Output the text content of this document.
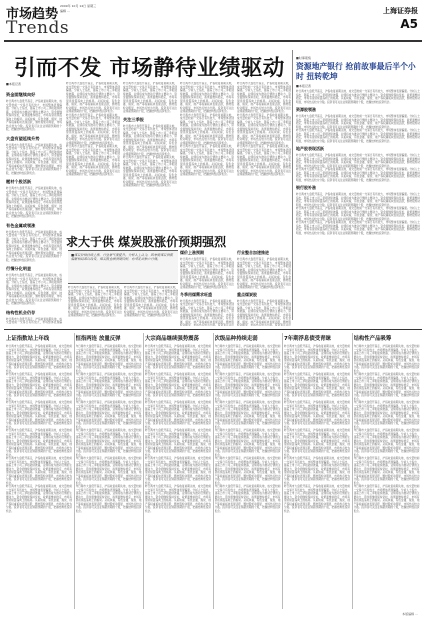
市场趋势
Trends
2009年 10月 14日 星期三
编辑 ...	上海证券报
A5
引而不发 市场静待业绩驱动
■本报记者
资金面继续向好
昨日两市大盘低开高走，沪指收复前期失地，成交量较前一交易日有所放大，市场整体表现偏强。分析人士指出，随着上市公司三季报陆续披露，业绩将成为推动行情的主要动力，资金面继续保持宽松，政策面维持稳定，市场有望延续震荡向上的格局。从板块看，有色金属、煤炭、地产等权重板块表现活跃，题材股轮动明显，市场热点较为分散。投资者可关注业绩超预期的个股，把握结构性投资机会。
大盘有望延续升势
昨日两市大盘低开高走，沪指收复前期失地，成交量较前一交易日有所放大，市场整体表现偏强。分析人士指出，随着上市公司三季报陆续披露，业绩将成为推动行情的主要动力，资金面继续保持宽松，政策面维持稳定，市场有望延续震荡向上的格局。从板块看，有色金属、煤炭、地产等权重板块表现活跃，题材股轮动明显，市场热点较为分散。投资者可关注业绩超预期的个股，把握结构性投资机会。
题材个股活跃
昨日两市大盘低开高走，沪指收复前期失地，成交量较前一交易日有所放大，市场整体表现偏强。分析人士指出，随着上市公司三季报陆续披露，业绩将成为推动行情的主要动力，资金面继续保持宽松，政策面维持稳定，市场有望延续震荡向上的格局。从板块看，有色金属、煤炭、地产等权重板块表现活跃，题材股轮动明显，市场热点较为分散。投资者可关注业绩超预期的个股，把握结构性投资机会。
有色金属或领涨
昨日两市大盘低开高走，沪指收复前期失地，成交量较前一交易日有所放大，市场整体表现偏强。分析人士指出，随着上市公司三季报陆续披露，业绩将成为推动行情的主要动力，资金面继续保持宽松，政策面维持稳定，市场有望延续震荡向上的格局。从板块看，有色金属、煤炭、地产等权重板块表现活跃，题材股轮动明显，市场热点较为分散。投资者可关注业绩超预期的个股，把握结构性投资机会。
行情分化明显
昨日两市大盘低开高走，沪指收复前期失地，成交量较前一交易日有所放大，市场整体表现偏强。分析人士指出，随着上市公司三季报陆续披露，业绩将成为推动行情的主要动力，资金面继续保持宽松，政策面维持稳定，市场有望延续震荡向上的格局。从板块看，有色金属、煤炭、地产等权重板块表现活跃，题材股轮动明显，市场热点较为分散。投资者可关注业绩超预期的个股，把握结构性投资机会。
结构性机会仍存
昨日两市大盘低开高走，沪指收复前期失地，成交量较前一交易日有所放大，市场整体表现偏
昨日两市大盘低开高走，沪指收复前期失地，成交量较前一交易日有所放大，市场整体表现偏强。分析人士指出，随着上市公司三季报陆续披露，业绩将成为推动行情的主要动力，资金面继续保持宽松，政策面维持稳定，市场有望延续震荡向上的格局。从板块看，有色金属、煤炭、地产等权重板块表现活跃，题材股轮动明显，市场热点较为分散。投资者可关注业绩超预期的个股，把握结构性投资机会。
昨日两市大盘低开高走，沪指收复前期失地，成交量较前一交易日有所放大，市场整体表现偏强。分析人士指出，随着上市公司三季报陆续披露，业绩将成为推动行情的主要动力，资金面继续保持宽松，政策面维持稳定，市场有望延续震荡向上的格局。从板块看，有色金属、煤炭、地产等权重板块表现活跃，题材股轮动明显，市场热点较为分散。投资者可关注业绩超预期的个股，把握结构性投资机会。
昨日两市大盘低开高走，沪指收复前期失地，成交量较前一交易日有所放大，市场整体表现偏强。分析人士指出，随着上市公司三季报陆续披露，业绩将成为推动行情的主要动力，资金面继续保持宽松，政策面维持稳定，市场有望延续震荡向上的格局。从板块看，有色金属、煤炭、地产等权重板块表现活跃，题材股轮动明显，市场热点较为分散。投资者可关注业绩超预期的个股，把握结构性投资机会。
昨日两市大盘低开高走，沪指收复前期失地，成交量较前一交易日有所放大，市场整体表现偏强。分析人士指出，随着上市公司三季报陆续披露，业绩将成为推动行情的主要动力，资金面继续保持宽松，政策面维持稳定，市场有望延续震荡向上的格局。从板块看，有色金属、煤炭、地产等权重板块表现活跃，题材股轮动明显，市场热点较为分散。投资者可关注业绩超预期的个股，把握结构性投资机会。
关注三季报
昨日两市大盘低开高走，沪指收复前期失地，成交量较前一交易日有所放大，市场整体表现偏强。分析人士指出，随着上市公司三季报陆续披露，业绩将成为推动行情的主要动力，资金面继续保持宽松，政策面维持稳定，市场有望延续震荡向上的格局。从板块看，有色金属、煤炭、地产等权重板块表现活跃，题材股轮动明显，市场热点较为分散。投资者可关注业绩超预期的个股，把握结构性投资机会。
昨日两市大盘低开高走，沪指收复前期失地，成交量较前一交易日有所放大，市场整体表现偏强。分析人士指出，随着上市公司三季报陆续披露，业绩将成为推动行情的主要动力，资金面继续保持宽松，政策面维持稳定，市场有望延续震荡向上的格局。从板块看，有色金属、煤炭、地产等权重板块表现活跃，题材股轮动明显，市场热点较为分散。投资者可关注业绩超预期的个股，把握结构性投资机会。
昨日两市大盘低开高走，沪指收复前期失地，成交量较前一交易日有所放大，市场整体表现偏强。分析人士指出，随着上市公司三季报陆续披露，业绩将成为推动行情的主要动力，资金面继续保持宽松，政策面维持稳定，市场有望延续震荡向上的格局。从板块看，有色金属、煤炭、地产等权重板块表现活跃，题材股轮动明显，市场热点较为分散。投资者可关注业绩超预期的个股，把握结构性投资机会。
昨日两市大盘低开高走，沪指收复前期失地，成交量较前一交易日有所放大，市场整体表现偏强。分析人士指出，随着上市公司三季报陆续披露，业绩将成为推动行情的主要动力，资金面继续保持宽松，政策面维持稳定，市场有望延续震荡向上的格局。从板块看，有色金属、煤炭、地产等权重板块表现活跃，题材股轮动明显，市场热点较为分散。投资者可关注业绩超预期的个股，把握结构性投资机会。
昨日两市大盘低开高走，沪指收复前期失地，成交量较前一交易日有所放大，市场整体表现偏强。分析人士指出，随着上市公司三季报陆续披露，业绩将成为推动行情的主要动力，资金面继续保持宽松，政策面维持稳定，市场有望延续震荡向上的格局。从板块看，有色金属、煤炭、地产等权重板块表现活跃，题材股轮动明显，市场热点较为分散。投资者可关注业绩超预期的个股，把握结构性投资机会。
昨日两市大盘低开高走，沪指收复前期失地，成交量较前一交易日有所放大，市场整体表现偏强。分析人士指出，随着上市公司三季报陆续披露，业绩将成为推动行情的主要动力，资金面继续保持宽松，政策面维持稳定，市场有望延续震荡向上的格局。从板块看，有色金属、煤炭、地产等权重板块表现活跃，题材股轮动明显，市场热点较为分散。投资者可关注业绩超预期的个股，把握结构性投资机会。
昨日两市大盘低开高走，沪指收复前期失地，成交量较前一交易日有所放大，市场整体表现偏强。分析人士指出，随着上市公司三季报陆续披露，业绩将成为推动行情的主要动力，资金面继续保持宽松，政策面维持稳定，市场有望延续震荡向上的格局。从板块看，有色金属、煤炭、地产等权重板块表现活跃，题材股轮动明显，市场热点较为分散。投资者可关注业绩超预期的个股，把握结构性投资机会。
昨日两市大盘低开高走，沪指收复前期失地，成交量较前一交易日有所放大，市场整体表现偏强。分析人士指出，随着上市公司三季报陆续披露，业绩将成为推动行情的主要动力，资金面继续保持宽松，政策面维持稳定，市场有望延续震荡向上的格局。从板块看，有色金属、煤炭、地产等权重板块表现活跃，题材股轮动明显，市场热点较为分散。投资者可关注业绩超预期的个股，把握结构性投资机会。
■时事观察
资源地产银行 抢前故事最后半个小时 扭转乾坤
■本报记者
昨日两市大盘低开高走，沪指收复前期失地，成交量较前一交易日有所放大，市场整体表现偏强。分析人士指出，随着上市公司三季报陆续披露，业绩将成为推动行情的主要动力，资金面继续保持宽松，政策面维持稳定，市场有望延续震荡向上的格局。从板块看，有色金属、煤炭、地产等权重板块表现活跃，题材股轮动明显，市场热点较为分散。投资者可关注业绩超预期的个股，把握结构性投资机会。
资源股领涨
昨日两市大盘低开高走，沪指收复前期失地，成交量较前一交易日有所放大，市场整体表现偏强。分析人士指出，随着上市公司三季报陆续披露，业绩将成为推动行情的主要动力，资金面继续保持宽松，政策面维持稳定，市场有望延续震荡向上的格局。从板块看，有色金属、煤炭、地产等权重板块表现活跃，题材股轮动明显，市场热点较为分散。投资者可关注业绩超预期的个股，把握结构性投资机会。
昨日两市大盘低开高走，沪指收复前期失地，成交量较前一交易日有所放大，市场整体表现偏强。分析人士指出，随着上市公司三季报陆续披露，业绩将成为推动行情的主要动力，资金面继续保持宽松，政策面维持稳定，市场有望延续震荡向上的格局。从板块看，有色金属、煤炭、地产等权重板块表现活跃，题材股轮动明显，市场热点较为分散。投资者可关注业绩超预期的个股，把握结构性投资机会。
地产股表现活跃
昨日两市大盘低开高走，沪指收复前期失地，成交量较前一交易日有所放大，市场整体表现偏强。分析人士指出，随着上市公司三季报陆续披露，业绩将成为推动行情的主要动力，资金面继续保持宽松，政策面维持稳定，市场有望延续震荡向上的格局。从板块看，有色金属、煤炭、地产等权重板块表现活跃，题材股轮动明显，市场热点较为分散。投资者可关注业绩超预期的个股，把握结构性投资机会。
昨日两市大盘低开高走，沪指收复前期失地，成交量较前一交易日有所放大，市场整体表现偏强。分析人士指出，随着上市公司三季报陆续披露，业绩将成为推动行情的主要动力，资金面继续保持宽松，政策面维持稳定，市场有望延续震荡向上的格局。从板块看，有色金属、煤炭、地产等权重板块表现活跃，题材股轮动明显，市场热点较为分散。投资者可关注业绩超预期的个股，把握结构性投资机会。
银行股补涨
昨日两市大盘低开高走，沪指收复前期失地，成交量较前一交易日有所放大，市场整体表现偏强。分析人士指出，随着上市公司三季报陆续披露，业绩将成为推动行情的主要动力，资金面继续保持宽松，政策面维持稳定，市场有望延续震荡向上的格局。从板块看，有色金属、煤炭、地产等权重板块表现活跃，题材股轮动明显，市场热点较为分散。投资者可关注业绩超预期的个股，把握结构性投资机会。
昨日两市大盘低开高走，沪指收复前期失地，成交量较前一交易日有所放大，市场整体表现偏强。分析人士指出，随着上市公司三季报陆续披露，业绩将成为推动行情的主要动力，资金面继续保持宽松，政策面维持稳定，市场有望延续震荡向上的格局。从板块看，有色金属、煤炭、地产等权重板块表现活跃，题材股轮动明显，市场热点较为分散。投资者可关注业绩超预期的个股，把握结构性投资机会。
昨日两市大盘低开高走，沪指收复前期失地，成交量较前一交易日有所放大，市场整体表现偏强。分析人士指出，随着上市公司三季报陆续披露，业绩将成为推动行情的主要动力，资金面继续保持宽松，政策面维持稳定，市场有望延续震荡向上的格局。从板块看，有色金属、煤炭、地产等权重板块表现活跃，题材股轮动明显，市场热点较为分散。投资者可关注业绩超预期的个股，把握结构性投资机会。
求大于供 煤炭股涨价预期强烈
■煤炭价格持续上涨，行业景气度提升。分析人士认为，四季度煤炭供需偏紧格局难以改变，煤炭股业绩预期向好，有望走出独立行情。
昨日两市大盘低开高走，沪指收复前期失地，成交量较前一交易日有所放大，市场整体表现偏强。分析人士指出，随着上市公司三季报陆续披露，业绩将成为推动行情的主要动力，资金面继续保持宽松，政策面维持稳定，市场有望延续震荡向上的格局。从板块看，有色金属、煤炭、地产等权重板块表现活跃，题材股轮动明显，市场热点较为分散。投资者可关注业绩超预期的个股，把握结构性投资机会。
昨日两市大盘低开高走，沪指收复前期失地，成交量较前一交易日有所放大，市场整体表现偏强。分析人士指出，随着上市公司三季报陆续披露，业绩将成为推动行情的主要动力，资金面继续保持宽松，政策面维持稳定，市场有望延续震荡向上的格局。从板块看，有色金属、煤炭、地产等权重板块表现活跃，题材股轮动明显，市场热点较为分散。投资者可关注业绩超预期的个股，把握结构性投资机会。
煤价上涨预期
昨日两市大盘低开高走，沪指收复前期失地，成交量较前一交易日有所放大，市场整体表现偏强。分析人士指出，随着上市公司三季报陆续披露，业绩将成为推动行情的主要动力，资金面继续保持宽松，政策面维持稳定，市场有望延续震荡向上的格局。从板块看，有色金属、煤炭、地产等权重板块表现活跃，题材股轮动明显，市场热点较为分散。投资者可关注业绩超预期的个股，把握结构性投资机会。
冬季用煤需求旺盛
昨日两市大盘低开高走，沪指收复前期失地，成交量较前一交易日有所放大，市场整体表现偏强。分析人士指出，随着上市公司三季报陆续披露，业绩将成为推动行情的主要动力，资金面继续保持宽松，政策面维持稳定，市场有望延续震荡向上的格局。从板块看，有色金属、煤炭、地产等权重板块表现活跃，题材股轮动明显，市场热点较为分散。投资者可关注
行业整合加速推进
昨日两市大盘低开高走，沪指收复前期失地，成交量较前一交易日有所放大，市场整体表现偏强。分析人士指出，随着上市公司三季报陆续披露，业绩将成为推动行情的主要动力，资金面继续保持宽松，政策面维持稳定，市场有望延续震荡向上的格局。从板块看，有色金属、煤炭、地产等权重板块表现活跃，题材股轮动明显，市场热点较为分散。投资者可关注业绩超预期的个股，把握结构性投资机会。
重点煤炭股
昨日两市大盘低开高走，沪指收复前期失地，成交量较前一交易日有所放大，市场整体表现偏强。分析人士指出，随着上市公司三季报陆续披露，业绩将成为推动行情的主要动力，资金面继续保持宽松，政策面维持稳定，市场有望延续震荡向上的格局。从板块看，有色金属、煤炭、地产等权重板块表现活跃，题材股轮动明显，市场热点较为分散。投资者可关注
上证指数站上年线
昨日两市大盘低开高走，沪指收复前期失地，成交量较前一交易日有所放大，市场整体表现偏强。分析人士指出，随着上市公司三季报陆续披露，业绩将成为推动行情的主要动力，资金面继续保持宽松，政策面维持稳定，市场有望延续震荡向上的格局。从板块看，有色金属、煤炭、地产等权重板块表现活跃，题材股轮动明显，市场热点较为分散。投资者可关注业绩超预期的个股，把握结构性投资机会。
昨日两市大盘低开高走，沪指收复前期失地，成交量较前一交易日有所放大，市场整体表现偏强。分析人士指出，随着上市公司三季报陆续披露，业绩将成为推动行情的主要动力，资金面继续保持宽松，政策面维持稳定，市场有望延续震荡向上的格局。从板块看，有色金属、煤炭、地产等权重板块表现活跃，题材股轮动明显，市场热点较为分散。投资者可关注业绩超预期的个股，把握结构性投资机会。
昨日两市大盘低开高走，沪指收复前期失地，成交量较前一交易日有所放大，市场整体表现偏强。分析人士指出，随着上市公司三季报陆续披露，业绩将成为推动行情的主要动力，资金面继续保持宽松，政策面维持稳定，市场有望延续震荡向上的格局。从板块看，有色金属、煤炭、地产等权重板块表现活跃，题材股轮动明显，市场热点较为分散。投资者可关注业绩超预期的个股，把握结构性投资机会。
昨日两市大盘低开高走，沪指收复前期失地，成交量较前一交易日有所放大，市场整体表现偏强。分析人士指出，随着上市公司三季报陆续披露，业绩将成为推动行情的主要动力，资金面继续保持宽松，政策面维持稳定，市场有望延续震荡向上的格局。从板块看，有色金属、煤炭、地产等权重板块表现活跃，题材股轮动明显，市场热点较为分散。投资者可关注业绩超预期的个股，把握结构性投资机会。
昨日两市大盘低开高走，沪指收复前期失地，成交量较前一交易日有所放大，市场整体表现偏强。分析人士指出，随着上市公司三季报陆续披露，业绩将成为推动行情的主要动力，资金面继续保持宽松，政策面维持稳定，市场有望延续震荡向上的格局。从板块看，有色金属、煤炭、地产等权重板块表现活跃，题材股轮动明显，市场热点较为分散。投资者可关注业绩超预期的个股，把握结构性投资机会。
昨日两市大盘低开高走，沪指收复前期失地，成交量较前一交易日有所放大，市场整体表现偏强。分析人士指出，随着上市公司三季报陆续披露，业绩将成为推动行情的主要动力，资金面继续保持宽松，政策面维持稳定，市场有望延续震荡向上的格局。从板块看，有色金属、煤炭、地产等权重板块表现活跃，题材股轮动明显，市场热点较为分散。投资者可关注业绩超预期的个股，把握结构性投资机会。
恒指两连 放量反弹
昨日两市大盘低开高走，沪指收复前期失地，成交量较前一交易日有所放大，市场整体表现偏强。分析人士指出，随着上市公司三季报陆续披露，业绩将成为推动行情的主要动力，资金面继续保持宽松，政策面维持稳定，市场有望延续震荡向上的格局。从板块看，有色金属、煤炭、地产等权重板块表现活跃，题材股轮动明显，市场热点较为分散。投资者可关注业绩超预期的个股，把握结构性投资机会。
昨日两市大盘低开高走，沪指收复前期失地，成交量较前一交易日有所放大，市场整体表现偏强。分析人士指出，随着上市公司三季报陆续披露，业绩将成为推动行情的主要动力，资金面继续保持宽松，政策面维持稳定，市场有望延续震荡向上的格局。从板块看，有色金属、煤炭、地产等权重板块表现活跃，题材股轮动明显，市场热点较为分散。投资者可关注业绩超预期的个股，把握结构性投资机会。
昨日两市大盘低开高走，沪指收复前期失地，成交量较前一交易日有所放大，市场整体表现偏强。分析人士指出，随着上市公司三季报陆续披露，业绩将成为推动行情的主要动力，资金面继续保持宽松，政策面维持稳定，市场有望延续震荡向上的格局。从板块看，有色金属、煤炭、地产等权重板块表现活跃，题材股轮动明显，市场热点较为分散。投资者可关注业绩超预期的个股，把握结构性投资机会。
昨日两市大盘低开高走，沪指收复前期失地，成交量较前一交易日有所放大，市场整体表现偏强。分析人士指出，随着上市公司三季报陆续披露，业绩将成为推动行情的主要动力，资金面继续保持宽松，政策面维持稳定，市场有望延续震荡向上的格局。从板块看，有色金属、煤炭、地产等权重板块表现活跃，题材股轮动明显，市场热点较为分散。投资者可关注业绩超预期的个股，把握结构性投资机会。
昨日两市大盘低开高走，沪指收复前期失地，成交量较前一交易日有所放大，市场整体表现偏强。分析人士指出，随着上市公司三季报陆续披露，业绩将成为推动行情的主要动力，资金面继续保持宽松，政策面维持稳定，市场有望延续震荡向上的格局。从板块看，有色金属、煤炭、地产等权重板块表现活跃，题材股轮动明显，市场热点较为分散。投资者可关注业绩超预期的个股，把握结构性投资机会。
昨日两市大盘低开高走，沪指收复前期失地，成交量较前一交易日有所放大，市场整体表现偏强。分析人士指出，随着上市公司三季报陆续披露，业绩将成为推动行情的主要动力，资金面继续保持宽松，政策面维持稳定，市场有望延续震荡向上的格局。从板块看，有色金属、煤炭、地产等权重板块表现活跃，题材股轮动明显，市场热点较为分散。投资者可关注业绩超预期的个股，把握结构性投资机会。
大宗商品继续强势震荡
昨日两市大盘低开高走，沪指收复前期失地，成交量较前一交易日有所放大，市场整体表现偏强。分析人士指出，随着上市公司三季报陆续披露，业绩将成为推动行情的主要动力，资金面继续保持宽松，政策面维持稳定，市场有望延续震荡向上的格局。从板块看，有色金属、煤炭、地产等权重板块表现活跃，题材股轮动明显，市场热点较为分散。投资者可关注业绩超预期的个股，把握结构性投资机会。
昨日两市大盘低开高走，沪指收复前期失地，成交量较前一交易日有所放大，市场整体表现偏强。分析人士指出，随着上市公司三季报陆续披露，业绩将成为推动行情的主要动力，资金面继续保持宽松，政策面维持稳定，市场有望延续震荡向上的格局。从板块看，有色金属、煤炭、地产等权重板块表现活跃，题材股轮动明显，市场热点较为分散。投资者可关注业绩超预期的个股，把握结构性投资机会。
昨日两市大盘低开高走，沪指收复前期失地，成交量较前一交易日有所放大，市场整体表现偏强。分析人士指出，随着上市公司三季报陆续披露，业绩将成为推动行情的主要动力，资金面继续保持宽松，政策面维持稳定，市场有望延续震荡向上的格局。从板块看，有色金属、煤炭、地产等权重板块表现活跃，题材股轮动明显，市场热点较为分散。投资者可关注业绩超预期的个股，把握结构性投资机会。
昨日两市大盘低开高走，沪指收复前期失地，成交量较前一交易日有所放大，市场整体表现偏强。分析人士指出，随着上市公司三季报陆续披露，业绩将成为推动行情的主要动力，资金面继续保持宽松，政策面维持稳定，市场有望延续震荡向上的格局。从板块看，有色金属、煤炭、地产等权重板块表现活跃，题材股轮动明显，市场热点较为分散。投资者可关注业绩超预期的个股，把握结构性投资机会。
昨日两市大盘低开高走，沪指收复前期失地，成交量较前一交易日有所放大，市场整体表现偏强。分析人士指出，随着上市公司三季报陆续披露，业绩将成为推动行情的主要动力，资金面继续保持宽松，政策面维持稳定，市场有望延续震荡向上的格局。从板块看，有色金属、煤炭、地产等权重板块表现活跃，题材股轮动明显，市场热点较为分散。投资者可关注业绩超预期的个股，把握结构性投资机会。
昨日两市大盘低开高走，沪指收复前期失地，成交量较前一交易日有所放大，市场整体表现偏强。分析人士指出，随着上市公司三季报陆续披露，业绩将成为推动行情的主要动力，资金面继续保持宽松，政策面维持稳定，市场有望延续震荡向上的格局。从板块看，有色金属、煤炭、地产等权重板块表现活跃，题材股轮动明显，市场热点较为分散。投资者可关注业绩超预期的个股，把握结构性投资机会。
次级品种持续走弱
昨日两市大盘低开高走，沪指收复前期失地，成交量较前一交易日有所放大，市场整体表现偏强。分析人士指出，随着上市公司三季报陆续披露，业绩将成为推动行情的主要动力，资金面继续保持宽松，政策面维持稳定，市场有望延续震荡向上的格局。从板块看，有色金属、煤炭、地产等权重板块表现活跃，题材股轮动明显，市场热点较为分散。投资者可关注业绩超预期的个股，把握结构性投资机会。
昨日两市大盘低开高走，沪指收复前期失地，成交量较前一交易日有所放大，市场整体表现偏强。分析人士指出，随着上市公司三季报陆续披露，业绩将成为推动行情的主要动力，资金面继续保持宽松，政策面维持稳定，市场有望延续震荡向上的格局。从板块看，有色金属、煤炭、地产等权重板块表现活跃，题材股轮动明显，市场热点较为分散。投资者可关注业绩超预期的个股，把握结构性投资机会。
昨日两市大盘低开高走，沪指收复前期失地，成交量较前一交易日有所放大，市场整体表现偏强。分析人士指出，随着上市公司三季报陆续披露，业绩将成为推动行情的主要动力，资金面继续保持宽松，政策面维持稳定，市场有望延续震荡向上的格局。从板块看，有色金属、煤炭、地产等权重板块表现活跃，题材股轮动明显，市场热点较为分散。投资者可关注业绩超预期的个股，把握结构性投资机会。
昨日两市大盘低开高走，沪指收复前期失地，成交量较前一交易日有所放大，市场整体表现偏强。分析人士指出，随着上市公司三季报陆续披露，业绩将成为推动行情的主要动力，资金面继续保持宽松，政策面维持稳定，市场有望延续震荡向上的格局。从板块看，有色金属、煤炭、地产等权重板块表现活跃，题材股轮动明显，市场热点较为分散。投资者可关注业绩超预期的个股，把握结构性投资机会。
昨日两市大盘低开高走，沪指收复前期失地，成交量较前一交易日有所放大，市场整体表现偏强。分析人士指出，随着上市公司三季报陆续披露，业绩将成为推动行情的主要动力，资金面继续保持宽松，政策面维持稳定，市场有望延续震荡向上的格局。从板块看，有色金属、煤炭、地产等权重板块表现活跃，题材股轮动明显，市场热点较为分散。投资者可关注业绩超预期的个股，把握结构性投资机会。
昨日两市大盘低开高走，沪指收复前期失地，成交量较前一交易日有所放大，市场整体表现偏强。分析人士指出，随着上市公司三季报陆续披露，业绩将成为推动行情的主要动力，资金面继续保持宽松，政策面维持稳定，市场有望延续震荡向上的格局。从板块看，有色金属、煤炭、地产等权重板块表现活跃，题材股轮动明显，市场热点较为分散。投资者可关注业绩超预期的个股，把握结构性投资机会。
7年期浮息债受青睐
昨日两市大盘低开高走，沪指收复前期失地，成交量较前一交易日有所放大，市场整体表现偏强。分析人士指出，随着上市公司三季报陆续披露，业绩将成为推动行情的主要动力，资金面继续保持宽松，政策面维持稳定，市场有望延续震荡向上的格局。从板块看，有色金属、煤炭、地产等权重板块表现活跃，题材股轮动明显，市场热点较为分散。投资者可关注业绩超预期的个股，把握结构性投资机会。
昨日两市大盘低开高走，沪指收复前期失地，成交量较前一交易日有所放大，市场整体表现偏强。分析人士指出，随着上市公司三季报陆续披露，业绩将成为推动行情的主要动力，资金面继续保持宽松，政策面维持稳定，市场有望延续震荡向上的格局。从板块看，有色金属、煤炭、地产等权重板块表现活跃，题材股轮动明显，市场热点较为分散。投资者可关注业绩超预期的个股，把握结构性投资机会。
昨日两市大盘低开高走，沪指收复前期失地，成交量较前一交易日有所放大，市场整体表现偏强。分析人士指出，随着上市公司三季报陆续披露，业绩将成为推动行情的主要动力，资金面继续保持宽松，政策面维持稳定，市场有望延续震荡向上的格局。从板块看，有色金属、煤炭、地产等权重板块表现活跃，题材股轮动明显，市场热点较为分散。投资者可关注业绩超预期的个股，把握结构性投资机会。
昨日两市大盘低开高走，沪指收复前期失地，成交量较前一交易日有所放大，市场整体表现偏强。分析人士指出，随着上市公司三季报陆续披露，业绩将成为推动行情的主要动力，资金面继续保持宽松，政策面维持稳定，市场有望延续震荡向上的格局。从板块看，有色金属、煤炭、地产等权重板块表现活跃，题材股轮动明显，市场热点较为分散。投资者可关注业绩超预期的个股，把握结构性投资机会。
昨日两市大盘低开高走，沪指收复前期失地，成交量较前一交易日有所放大，市场整体表现偏强。分析人士指出，随着上市公司三季报陆续披露，业绩将成为推动行情的主要动力，资金面继续保持宽松，政策面维持稳定，市场有望延续震荡向上的格局。从板块看，有色金属、煤炭、地产等权重板块表现活跃，题材股轮动明显，市场热点较为分散。投资者可关注业绩超预期的个股，把握结构性投资机会。
昨日两市大盘低开高走，沪指收复前期失地，成交量较前一交易日有所放大，市场整体表现偏强。分析人士指出，随着上市公司三季报陆续披露，业绩将成为推动行情的主要动力，资金面继续保持宽松，政策面维持稳定，市场有望延续震荡向上的格局。从板块看，有色金属、煤炭、地产等权重板块表现活跃，题材股轮动明显，市场热点较为分散。投资者可关注业绩超预期的个股，把握结构性投资机会。
结构性产品吸筹
昨日两市大盘低开高走，沪指收复前期失地，成交量较前一交易日有所放大，市场整体表现偏强。分析人士指出，随着上市公司三季报陆续披露，业绩将成为推动行情的主要动力，资金面继续保持宽松，政策面维持稳定，市场有望延续震荡向上的格局。从板块看，有色金属、煤炭、地产等权重板块表现活跃，题材股轮动明显，市场热点较为分散。投资者可关注业绩超预期的个股，把握结构性投资机会。
昨日两市大盘低开高走，沪指收复前期失地，成交量较前一交易日有所放大，市场整体表现偏强。分析人士指出，随着上市公司三季报陆续披露，业绩将成为推动行情的主要动力，资金面继续保持宽松，政策面维持稳定，市场有望延续震荡向上的格局。从板块看，有色金属、煤炭、地产等权重板块表现活跃，题材股轮动明显，市场热点较为分散。投资者可关注业绩超预期的个股，把握结构性投资机会。
昨日两市大盘低开高走，沪指收复前期失地，成交量较前一交易日有所放大，市场整体表现偏强。分析人士指出，随着上市公司三季报陆续披露，业绩将成为推动行情的主要动力，资金面继续保持宽松，政策面维持稳定，市场有望延续震荡向上的格局。从板块看，有色金属、煤炭、地产等权重板块表现活跃，题材股轮动明显，市场热点较为分散。投资者可关注业绩超预期的个股，把握结构性投资机会。
昨日两市大盘低开高走，沪指收复前期失地，成交量较前一交易日有所放大，市场整体表现偏强。分析人士指出，随着上市公司三季报陆续披露，业绩将成为推动行情的主要动力，资金面继续保持宽松，政策面维持稳定，市场有望延续震荡向上的格局。从板块看，有色金属、煤炭、地产等权重板块表现活跃，题材股轮动明显，市场热点较为分散。投资者可关注业绩超预期的个股，把握结构性投资机会。
昨日两市大盘低开高走，沪指收复前期失地，成交量较前一交易日有所放大，市场整体表现偏强。分析人士指出，随着上市公司三季报陆续披露，业绩将成为推动行情的主要动力，资金面继续保持宽松，政策面维持稳定，市场有望延续震荡向上的格局。从板块看，有色金属、煤炭、地产等权重板块表现活跃，题材股轮动明显，市场热点较为分散。投资者可关注业绩超预期的个股，把握结构性投资机会。
昨日两市大盘低开高走，沪指收复前期失地，成交量较前一交易日有所放大，市场整体表现偏强。分析人士指出，随着上市公司三季报陆续披露，业绩将成为推动行情的主要动力，资金面继续保持宽松，政策面维持稳定，市场有望延续震荡向上的格局。从板块看，有色金属、煤炭、地产等权重板块表现活跃，题材股轮动明显，市场热点较为分散。投资者可关注业绩超预期的个股，把握结构性投资机会。
本版编辑 ...
